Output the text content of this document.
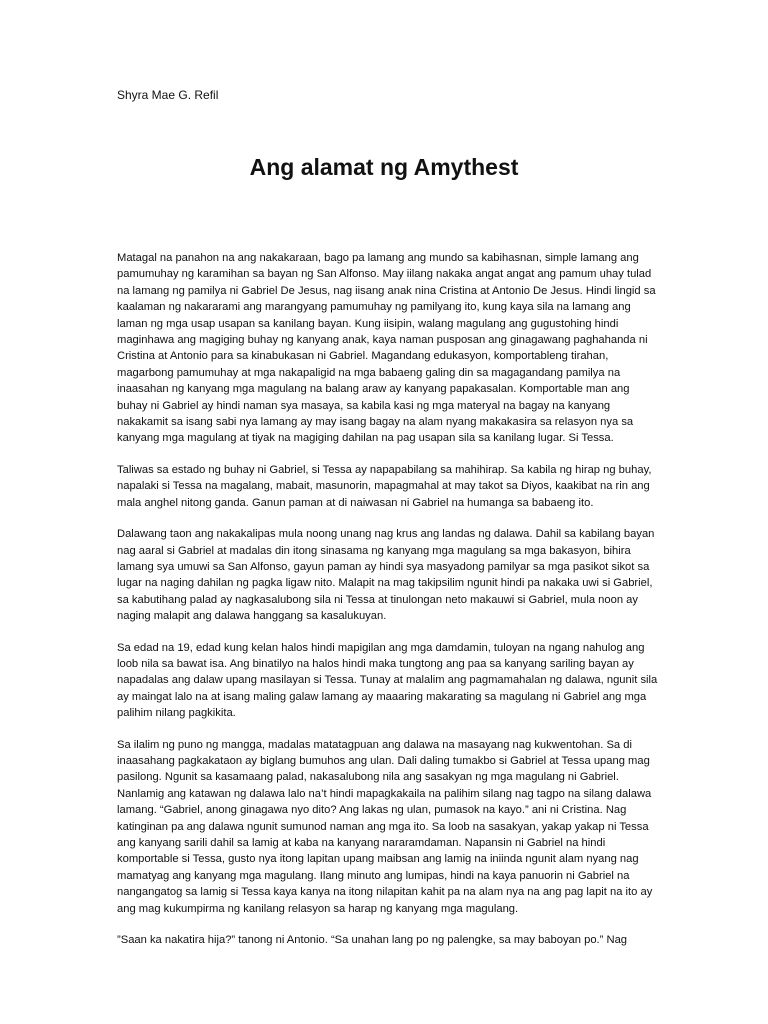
Shyra Mae G. Refil
Ang alamat ng Amythest

Matagal na panahon na ang nakakaraan, bago pa lamang ang mundo sa kabihasnan, simple lamang ang pamumuhay ng karamihan sa bayan ng San Alfonso. May iilang nakaka angat angat ang pamum uhay tulad na lamang ng pamilya ni Gabriel De Jesus, nag iisang anak nina Cristina at Antonio De Jesus. Hindi lingid sa kaalaman ng nakararami ang marangyang pamumuhay ng pamilyang ito, kung kaya sila na lamang ang laman ng mga usap usapan sa kanilang bayan. Kung iisipin, walang magulang ang gugustohing hindi maginhawa ang magiging buhay ng kanyang anak, kaya naman pusposan ang ginagawang paghahanda ni Cristina at Antonio para sa kinabukasan ni Gabriel. Magandang edukasyon, komportableng tirahan, magarbong pamumuhay at mga nakapaligid na mga babaeng galing din sa magagandang pamilya na inaasahan ng kanyang mga magulang na balang araw ay kanyang papakasalan. Komportable man ang buhay ni Gabriel ay hindi naman sya masaya, sa kabila kasi ng mga materyal na bagay na kanyang nakakamit sa isang sabi nya lamang ay may isang bagay na alam nyang makakasira sa relasyon nya sa kanyang mga magulang at tiyak na magiging dahilan na pag usapan sila sa kanilang lugar. Si Tessa.

Taliwas sa estado ng buhay ni Gabriel, si Tessa ay napapabilang sa mahihirap. Sa kabila ng hirap ng buhay, napalaki si Tessa na magalang, mabait, masunorin, mapagmahal at may takot sa Diyos, kaakibat na rin ang mala anghel nitong ganda. Ganun paman at di naiwasan ni Gabriel na humanga sa babaeng ito.

Dalawang taon ang nakakalipas mula noong unang nag krus ang landas ng dalawa. Dahil sa kabilang bayan nag aaral si Gabriel at madalas din itong sinasama ng kanyang mga magulang sa mga bakasyon, bihira lamang sya umuwi sa San Alfonso, gayun paman ay hindi sya masyadong pamilyar sa mga pasikot sikot sa lugar na naging dahilan ng pagka ligaw nito. Malapit na mag takipsilim ngunit hindi pa nakaka uwi si Gabriel, sa kabutihang palad ay nagkasalubong sila ni Tessa at tinulongan neto makauwi si Gabriel, mula noon ay naging malapit ang dalawa hanggang sa kasalukuyan.

Sa edad na 19, edad kung kelan halos hindi mapigilan ang mga damdamin, tuloyan na ngang nahulog ang loob nila sa bawat isa. Ang binatilyo na halos hindi maka tungtong ang paa sa kanyang sariling bayan ay napadalas ang dalaw upang masilayan si Tessa. Tunay at malalim ang pagmamahalan ng dalawa, ngunit sila ay maingat lalo na at isang maling galaw lamang ay maaaring makarating sa magulang ni Gabriel ang mga palihim nilang pagkikita.

Sa ilalim ng puno ng mangga, madalas matatagpuan ang dalawa na masayang nag kukwentohan. Sa di inaasahang pagkakataon ay biglang bumuhos ang ulan. Dali daling tumakbo si Gabriel at Tessa upang mag pasilong. Ngunit sa kasamaang palad, nakasalubong nila ang sasakyan ng mga magulang ni Gabriel. Nanlamig ang katawan ng dalawa lalo na’t hindi mapagkakaila na palihim silang nag tagpo na silang dalawa lamang. “Gabriel, anong ginagawa nyo dito? Ang lakas ng ulan, pumasok na kayo.” ani ni Cristina. Nag katinginan pa ang dalawa ngunit sumunod naman ang mga ito. Sa loob na sasakyan, yakap yakap ni Tessa ang kanyang sarili dahil sa lamig at kaba na kanyang nararamdaman. Napansin ni Gabriel na hindi komportable si Tessa, gusto nya itong lapitan upang maibsan ang lamig na iniinda ngunit alam nyang nag mamatyag ang kanyang mga magulang. Ilang minuto ang lumipas, hindi na kaya panuorin ni Gabriel na nangangatog sa lamig si Tessa kaya kanya na itong nilapitan kahit pa na alam nya na ang pag lapit na ito ay ang mag kukumpirma ng kanilang relasyon sa harap ng kanyang mga magulang.

”Saan ka nakatira hija?” tanong ni Antonio. “Sa unahan lang po ng palengke, sa may baboyan po.” Nag
